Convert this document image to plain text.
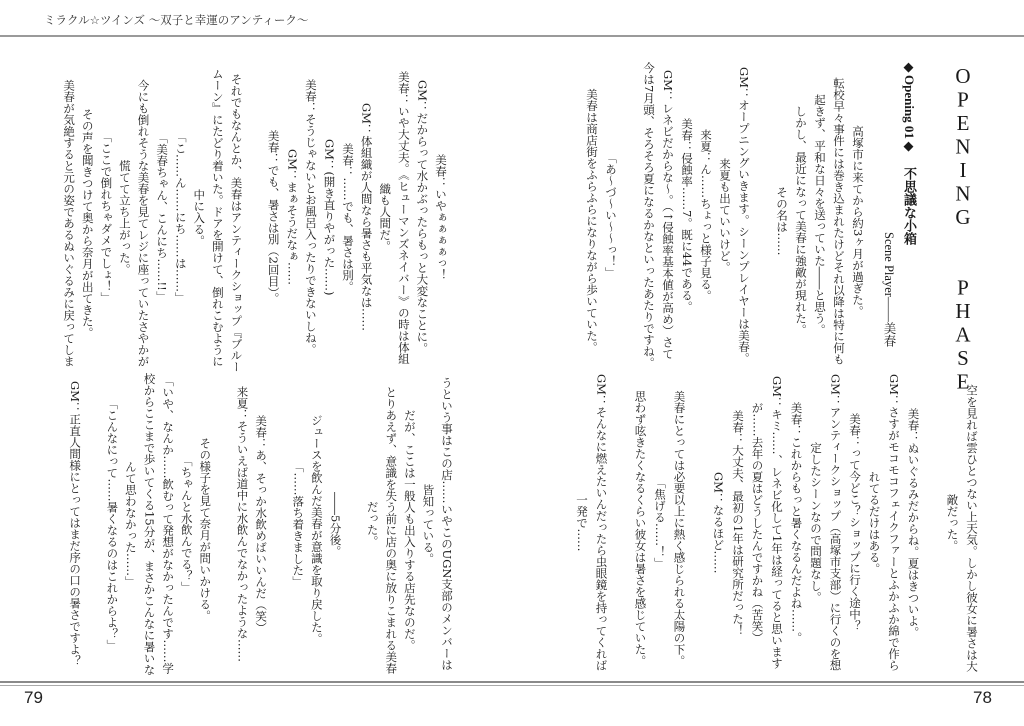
ミラクル☆ツインズ 〜双子と幸運のアンティーク〜
OPENING  PHASE
◆Opening 01◆　不思議な小箱
Scene Player――美春
　高塚市に来てから約3ヶ月が過ぎた。
　転校早々事件には巻き込まれたけどそれ以降は特に何も
起きず、平和な日々を送っていた――と思う。
　しかし、最近になって美春に強敵が現れた。
　その名は……
GM：オープニングいきます。シーンプレイヤーは美春。
来夏も出ていいけど。
来夏：ん……ちょっと様子見る。
美春：侵蝕率……7。既に44である。
GM：レネビだからな～。（↑侵蝕率基本値が高め）さて
今は7月頭、そろそろ夏になるかなといったあたりですね。
「あ～づ～い～～っ！」
　美春は商店街をふらふらになりながら歩いていた。
　空を見れば雲ひとつない上天気。しかし彼女に暑さは大
敵だった。
美春：ぬいぐるみだからね。夏はきついよ。
GM：さすがモコモコフェイクファーとふかふか綿で作ら
れてるだけはある。
美春：って今どこ？ショップに行く途中？
GM：アンティークショップ（高塚市支部）に行くのを想
定したシーンなので問題なし。
美春：これからもっと暑くなるんだよね……。
GM：キミ……、レネビ化して1年は経ってると思います
が……去年の夏はどうしたんですかね（苦笑）
美春：大丈夫、最初の1年は研究所だった！
GM：なるほど……
　美春にとっては必要以上に熱く感じられる太陽の下。
「焦げる……！」
　思わず呟きたくなるくらい彼女は暑さを感じていた。
GM：そんなに燃えたいんだったら虫眼鏡を持ってくれば
一発で……
美春：いやぁぁぁぁっ！
GM：だからって水かぶったらもっと大変なことに。
美春：いや大丈夫。《ヒューマンズネイバー》の時は体組
織も人間だ。
GM：体組織が人間なら暑さも平気なは……
美春：……でも、暑さは別。
GM：(開き直りやがった……)
美春：そうじゃないとお風呂入ったりできないしね。
GM：まぁそうだなぁ……
美春：でも、暑さは別（2回目）。
　それでもなんとか、美春はアンティークショップ『ブルー
ムーン』にたどり着いた。ドアを開けて、倒れこむように
中に入る。
「こ……ん……にち……は……」
「美春ちゃん、こんにち……!!」
　今にも倒れそうな美春を見てレジに座っていたさやかが
慌てて立ち上がった。
「ここで倒れちゃダメでしょ！」
　その声を聞きつけて奥から奈月が出てきた。
　美春が気絶すると元の姿であるぬいぐるみに戻ってしま
うという事はこの店……いやこのUGN支部のメンバーは
皆知っている。
　だが、ここは一般人も出入りする店先なのだ。
　とりあえず、意識を失う前に店の奥に放りこまれる美春
だった。
――5分後。
　ジュースを飲んだ美春が意識を取り戻した。
「……落ち着きました」
美春：あ、そっか水飲めばいいんだ（笑）
来夏：そういえば道中に水飲んでなかったような……
　その様子を見て奈月が問いかける。
「ちゃんと水飲んでる？」
「いや、なんか……飲むって発想がなかったんです……学
校からここまで歩いてくる15分が、まさかこんなに暑いな
んて思わなかった……」
「こんなにって……暑くなるのはこれからよ？」
GM：正直人間様にとってはまだ序の口の暑さですよ？
79	78
